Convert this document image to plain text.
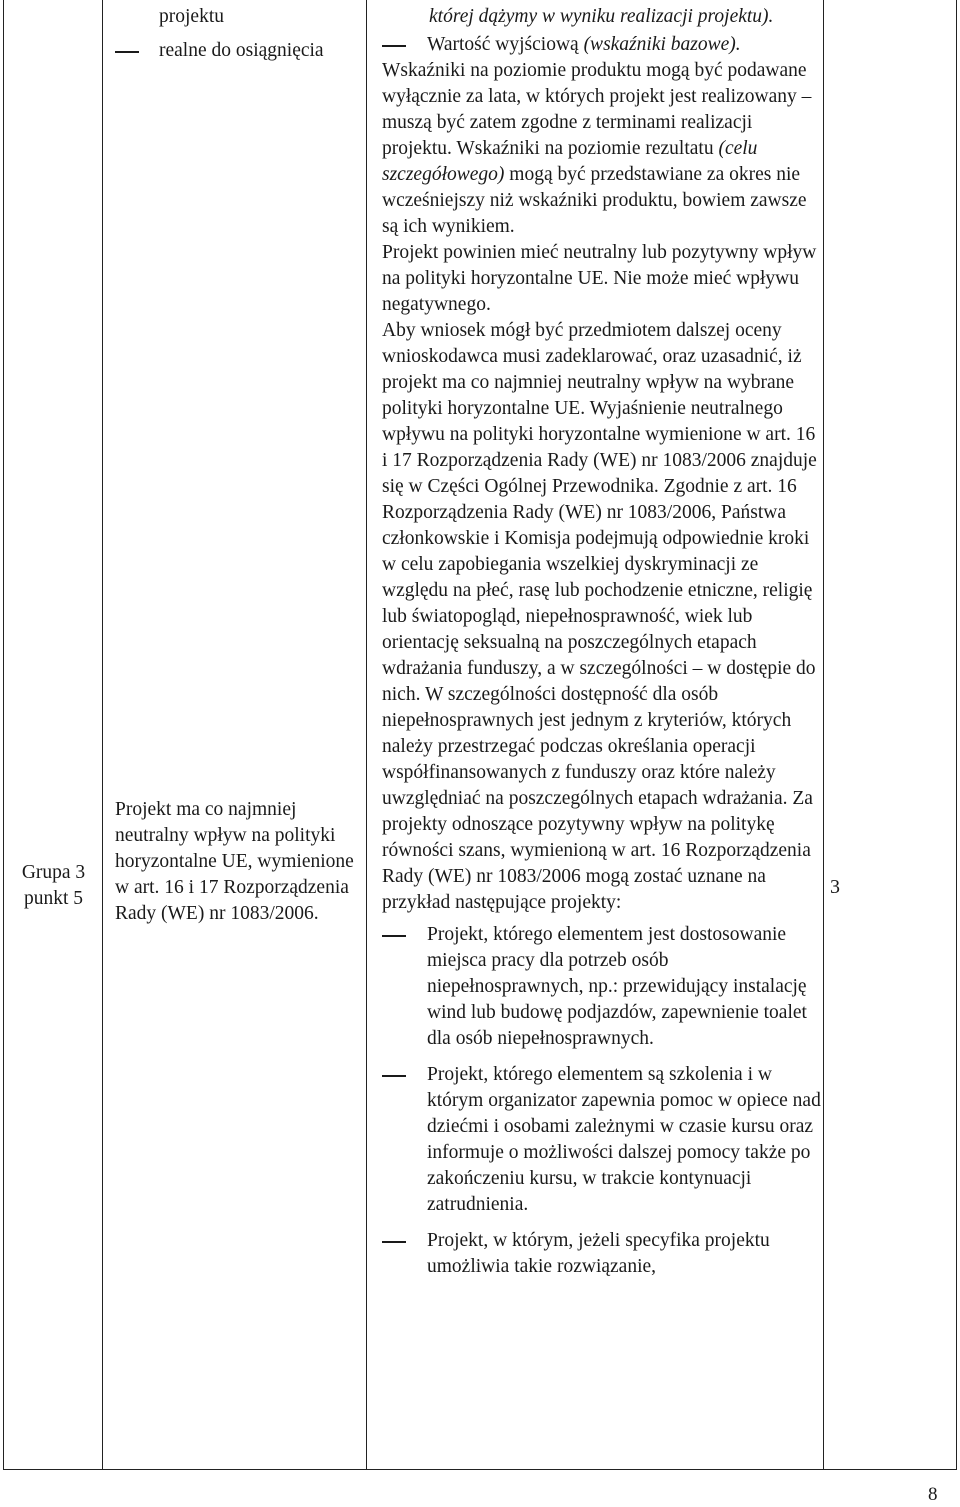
Grupa 3
punkt 5
projektu
realne do osiągnięcia
Projekt ma co najmniej neutralny wpływ na polityki horyzontalne UE, wymienione w art. 16 i 17 Rozporządzenia Rady (WE) nr 1083/2006.

której dążymy w wyniku realizacji projektu).

Wartość wyjściową (wskaźniki bazowe).

Wskaźniki na poziomie produktu mogą być podawane wyłącznie za lata, w których projekt jest realizowany – muszą być zatem zgodne z terminami realizacji projektu. Wskaźniki na poziomie rezultatu (celu szczegółowego) mogą być przedstawiane za okres nie wcześniejszy niż wskaźniki produktu, bowiem zawsze są ich wynikiem.

Projekt powinien mieć neutralny lub pozytywny wpływ na polityki horyzontalne UE. Nie może mieć wpływu negatywnego.

Aby wniosek mógł być przedmiotem dalszej oceny wnioskodawca musi zadeklarować, oraz uzasadnić, iż projekt ma co najmniej neutralny wpływ na wybrane polityki horyzontalne UE. Wyjaśnienie neutralnego wpływu na polityki horyzontalne wymienione w art. 16 i 17 Rozporządzenia Rady (WE) nr 1083/2006 znajduje się w Części Ogólnej Przewodnika. Zgodnie z art. 16 Rozporządzenia Rady (WE) nr 1083/2006, Państwa członkowskie i Komisja podejmują odpowiednie kroki w celu zapobiegania wszelkiej dyskryminacji ze względu na płeć, rasę lub pochodzenie etniczne, religię lub światopogląd, niepełnosprawność, wiek lub orientację seksualną na poszczególnych etapach wdrażania funduszy, a w szczególności – w dostępie do nich. W szczególności dostępność dla osób niepełnosprawnych jest jednym z kryteriów, których należy przestrzegać podczas określania operacji współfinansowanych z funduszy oraz które należy uwzględniać na poszczególnych etapach wdrażania. Za projekty odnoszące pozytywny wpływ na politykę równości szans, wymienioną w art. 16 Rozporządzenia Rady (WE) nr 1083/2006 mogą zostać uznane na przykład następujące projekty:

Projekt, którego elementem jest dostosowanie miejsca pracy dla potrzeb osób niepełnosprawnych, np.: przewidujący instalację wind lub budowę podjazdów, zapewnienie toalet dla osób niepełnosprawnych.
Projekt, którego elementem są szkolenia i w którym organizator zapewnia pomoc w opiece nad dziećmi i osobami zależnymi w czasie kursu oraz informuje o możliwości dalszej pomocy także po zakończeniu kursu, w trakcie kontynuacji zatrudnienia.
Projekt, w którym, jeżeli specyfika projektu umożliwia takie rozwiązanie,
3
8
